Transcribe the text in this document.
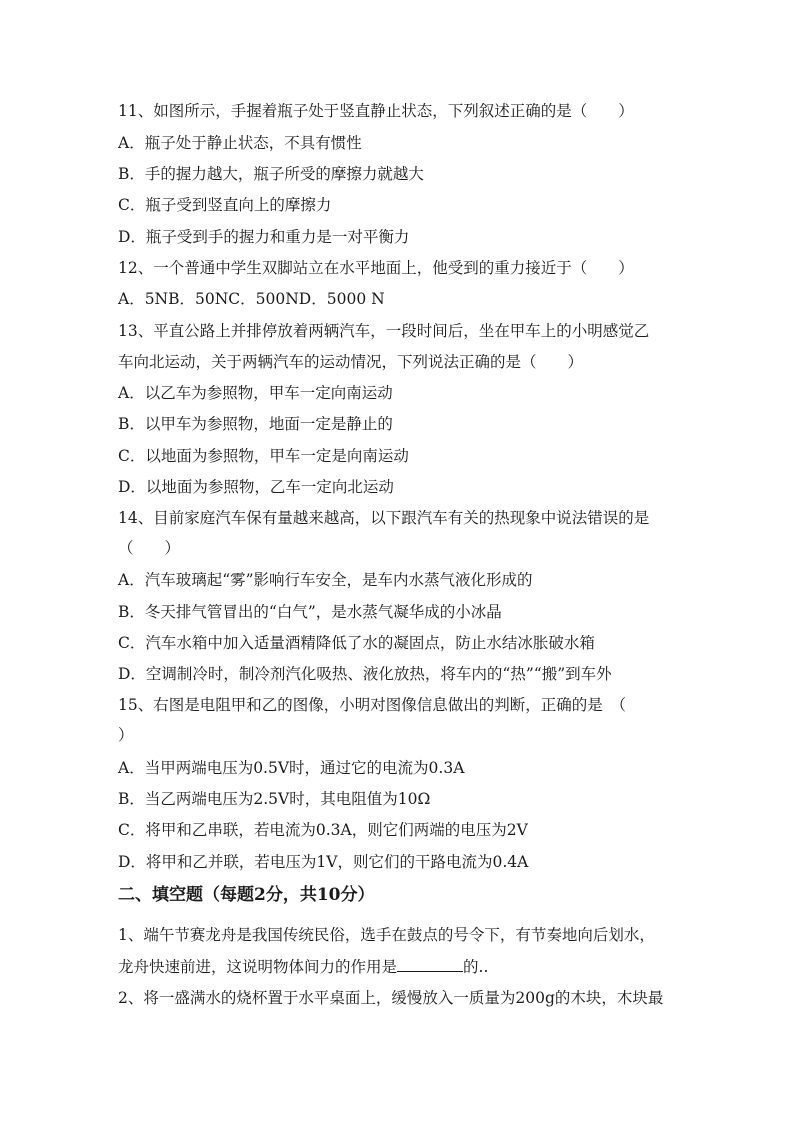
11、如图所示，手握着瓶子处于竖直静止状态，下列叙述正确的是（　　）
A．瓶子处于静止状态，不具有惯性
B．手的握力越大，瓶子所受的摩擦力就越大
C．瓶子受到竖直向上的摩擦力
D．瓶子受到手的握力和重力是一对平衡力
12、一个普通中学生双脚站立在水平地面上，他受到的重力接近于（　　）
A．5NB．50NC．500ND．5000 N
13、平直公路上并排停放着两辆汽车，一段时间后，坐在甲车上的小明感觉乙
车向北运动，关于两辆汽车的运动情况，下列说法正确的是（　　）
A．以乙车为参照物，甲车一定向南运动
B．以甲车为参照物，地面一定是静止的
C．以地面为参照物，甲车一定是向南运动
D．以地面为参照物，乙车一定向北运动
14、目前家庭汽车保有量越来越高，以下跟汽车有关的热现象中说法错误的是
（　　）
A．汽车玻璃起“雾”影响行车安全，是车内水蒸气液化形成的
B．冬天排气管冒出的“白气”，是水蒸气凝华成的小冰晶
C．汽车水箱中加入适量酒精降低了水的凝固点，防止水结冰胀破水箱
D．空调制冷时，制冷剂汽化吸热、液化放热，将车内的“热”“搬”到车外
15、右图是电阻甲和乙的图像，小明对图像信息做出的判断，正确的是　（
）
A．当甲两端电压为0.5V时，通过它的电流为0.3A
B．当乙两端电压为2.5V时，其电阻值为10Ω
C．将甲和乙串联，若电流为0.3A，则它们两端的电压为2V
D．将甲和乙并联，若电压为1V，则它们的干路电流为0.4A
二、填空题（每题2分，共10分）
1、端午节赛龙舟是我国传统民俗，选手在鼓点的号令下，有节奏地向后划水，
龙舟快速前进，这说明物体间力的作用是	的..
2、将一盛满水的烧杯置于水平桌面上，缓慢放入一质量为200g的木块，木块最
